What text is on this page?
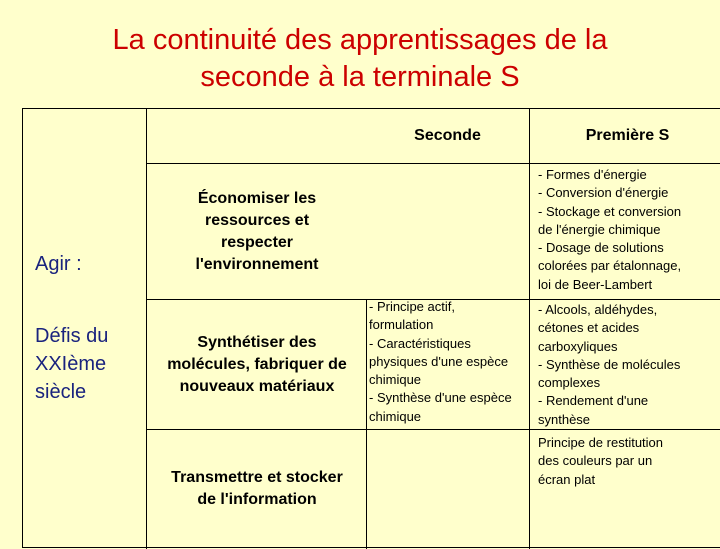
La continuité des apprentissages de la
seconde à la terminale S
Seconde	Première S
Agir :
Défis du
XXIème
siècle
Économiser les
ressources et
respecter
l'environnement
- Formes d'énergie
- Conversion d'énergie
- Stockage et conversion
de l'énergie chimique
- Dosage de solutions
colorées par étalonnage,
loi de Beer-Lambert
Synthétiser des
molécules, fabriquer de
nouveaux matériaux
- Principe actif,
formulation
- Caractéristiques
physiques d'une espèce
chimique
- Synthèse d'une espèce
chimique
- Alcools, aldéhydes,
cétones et acides
carboxyliques
- Synthèse de molécules
complexes
- Rendement d'une
synthèse
Transmettre et stocker
de l'information
Principe de restitution
des couleurs par un
écran plat
